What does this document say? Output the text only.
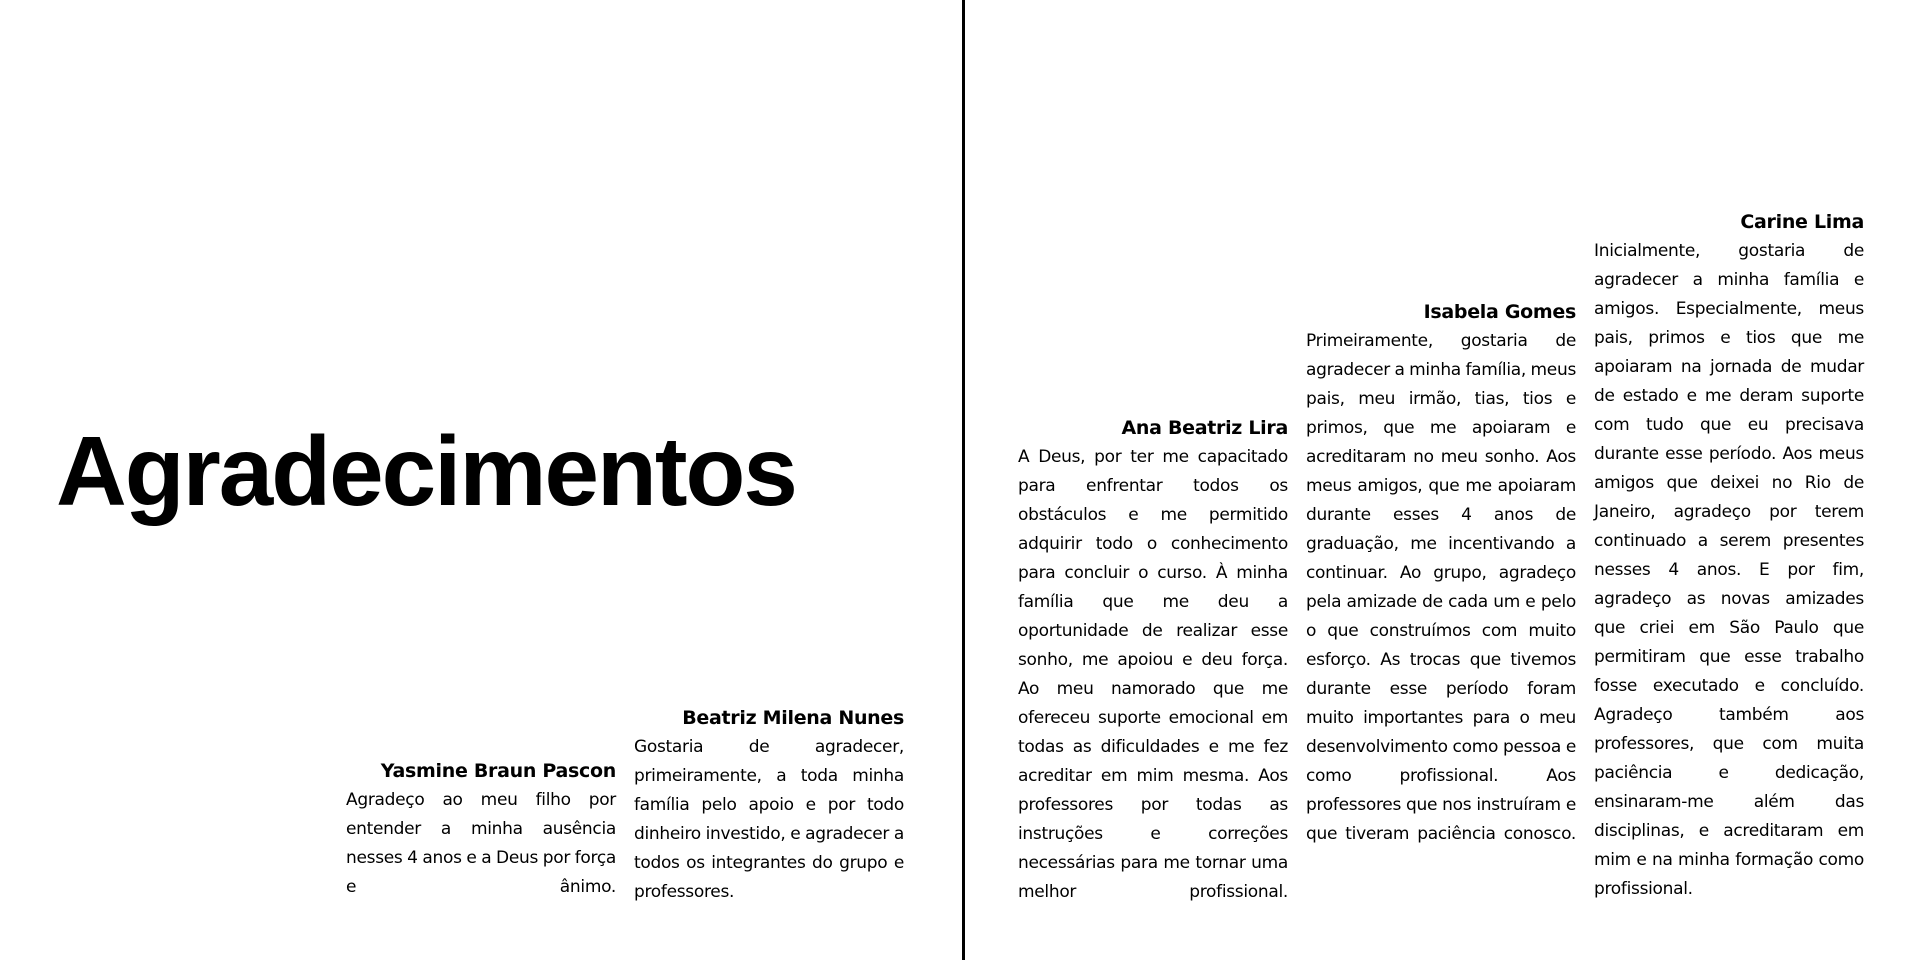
Agradecimentos

Yasmine Braun Pascon

Agradeço ao meu filho por entender a minha ausência nesses 4 anos e a Deus por força e ânimo.

Beatriz Milena Nunes

Gostaria de agradecer, primeiramente, a toda minha família pelo apoio e por todo dinheiro investido, e agradecer a todos os integrantes do grupo e professores.

Ana Beatriz Lira

A Deus, por ter me capacitado para enfrentar todos os obstáculos e me permitido adquirir todo o conhecimento para concluir o curso. À minha família que me deu a oportunidade de realizar esse sonho, me apoiou e deu força. Ao meu namorado que me ofereceu suporte emocional em todas as dificuldades e me fez acreditar em mim mesma. Aos professores por todas as instruções e correções necessárias para me tornar uma melhor profissional.

Isabela Gomes

Primeiramente, gostaria de agradecer a minha família, meus pais, meu irmão, tias, tios e primos, que me apoiaram e acreditaram no meu sonho. Aos meus amigos, que me apoiaram durante esses 4 anos de graduação, me incentivando a continuar. Ao grupo, agradeço pela amizade de cada um e pelo o que construímos com muito esforço. As trocas que tivemos durante esse período foram muito importantes para o meu desenvolvimento como pessoa e como profissional. Aos professores que nos instruíram e que tiveram paciência conosco.

Carine Lima

Inicialmente, gostaria de agradecer a minha família e amigos. Especialmente, meus pais, primos e tios que me apoiaram na jornada de mudar de estado e me deram suporte com tudo que eu precisava durante esse período. Aos meus amigos que deixei no Rio de Janeiro, agradeço por terem continuado a serem presentes nesses 4 anos. E por fim, agradeço as novas amizades que criei em São Paulo que permitiram que esse trabalho fosse executado e concluído. Agradeço também aos professores, que com muita paciência e dedicação, ensinaram-me além das disciplinas, e acreditaram em mim e na minha formação como profissional.
